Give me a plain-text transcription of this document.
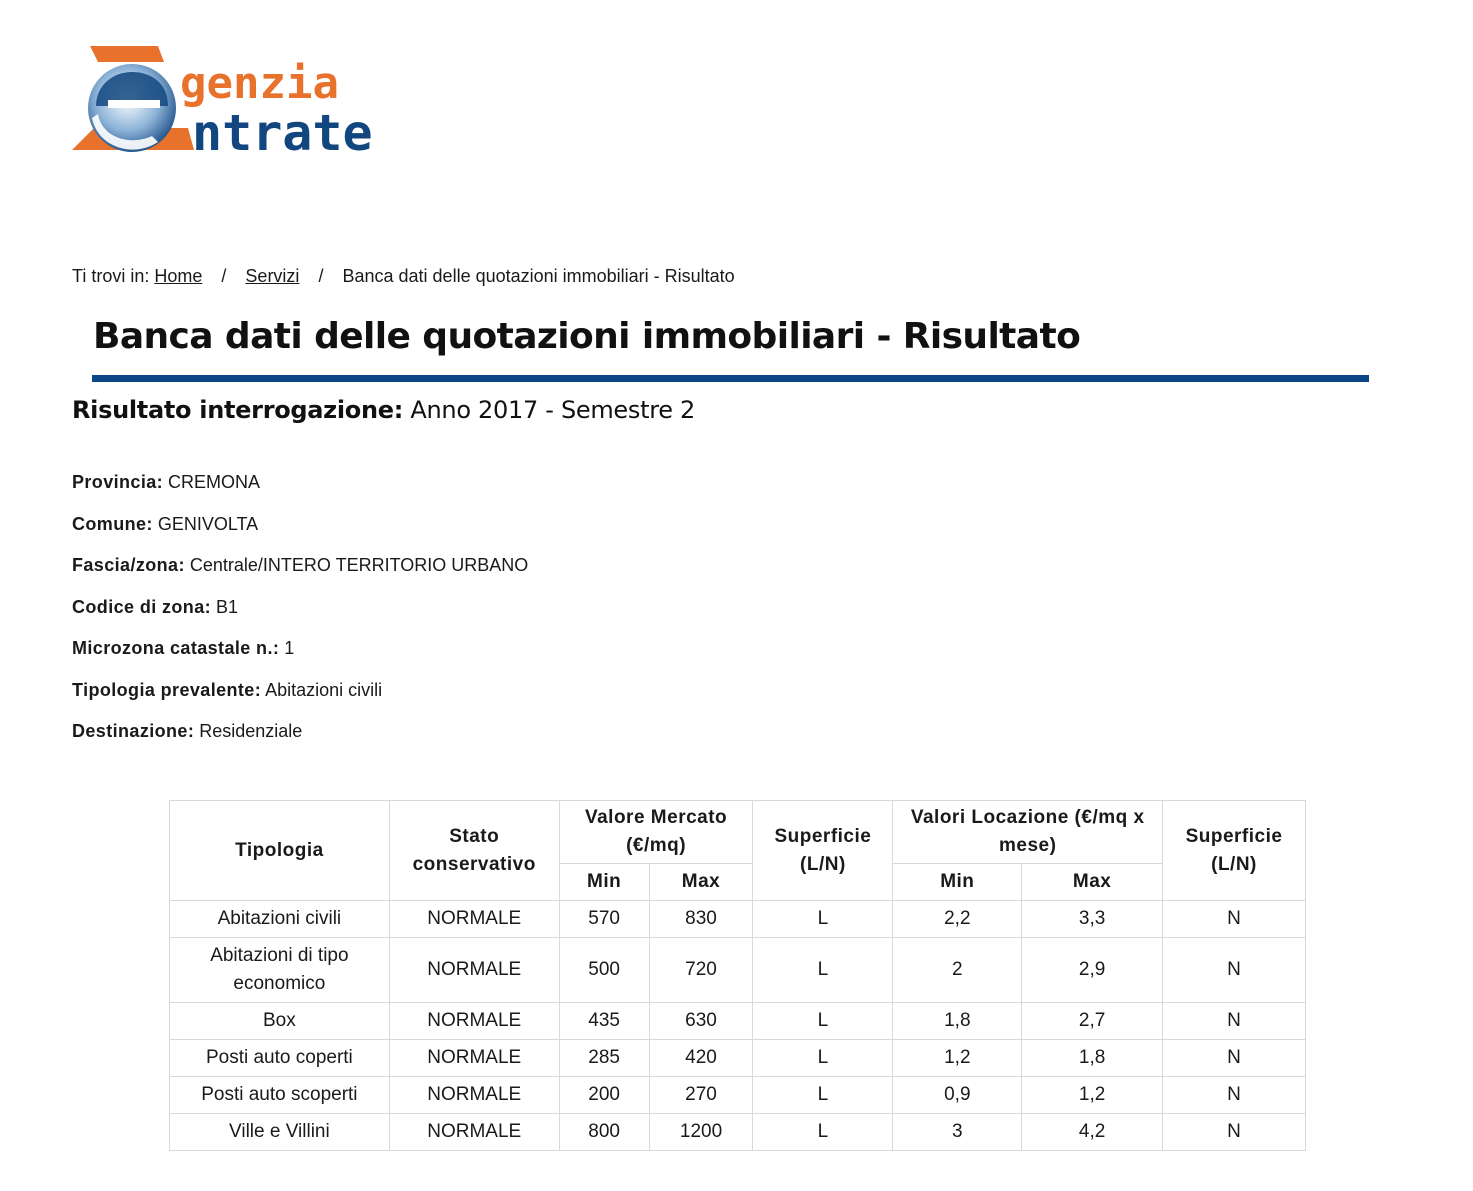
genzia
ntrate
Ti trovi in: Home / Servizi / Banca dati delle quotazioni immobiliari - Risultato
Banca dati delle quotazioni immobiliari - Risultato
Risultato interrogazione: Anno 2017 - Semestre 2
Provincia: CREMONA
Comune: GENIVOLTA
Fascia/zona: Centrale/INTERO TERRITORIO URBANO
Codice di zona: B1
Microzona catastale n.: 1
Tipologia prevalente: Abitazioni civili
Destinazione: Residenziale
Tipologia	Stato conservativo	Valore Mercato (€/mq)		Superficie (L/N)	Valori Locazione (€/mq x mese)		Superficie (L/N)
		Min	Max		Min	Max	
Abitazioni civili	NORMALE	570	830	L	2,2	3,3	N
Abitazioni di tipo economico	NORMALE	500	720	L	2	2,9	N
Box	NORMALE	435	630	L	1,8	2,7	N
Posti auto coperti	NORMALE	285	420	L	1,2	1,8	N
Posti auto scoperti	NORMALE	200	270	L	0,9	1,2	N
Ville e Villini	NORMALE	800	1200	L	3	4,2	N
